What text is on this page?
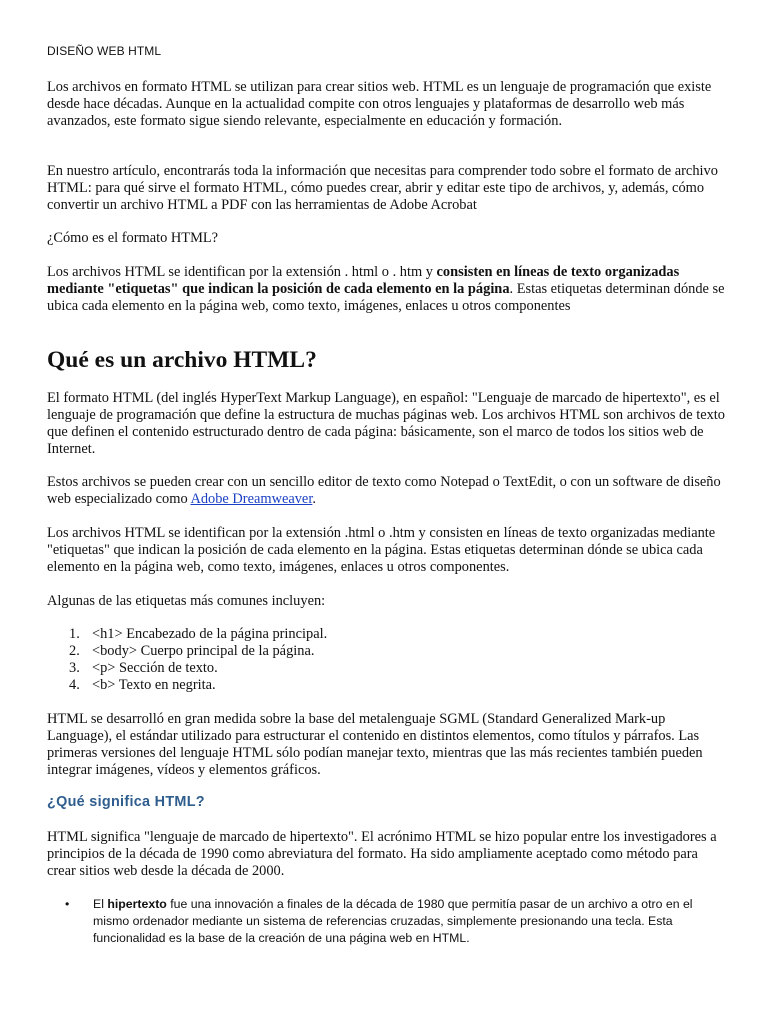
DISEÑO WEB HTML

Los archivos en formato HTML se utilizan para crear sitios web. HTML es un lenguaje de programación que existe desde hace décadas. Aunque en la actualidad compite con otros lenguajes y plataformas de desarrollo web más avanzados, este formato sigue siendo relevante, especialmente en educación y formación.

En nuestro artículo, encontrarás toda la información que necesitas para comprender todo sobre el formato de archivo HTML: para qué sirve el formato HTML, cómo puedes crear, abrir y editar este tipo de archivos, y, además, cómo convertir un archivo HTML a PDF con las herramientas de Adobe Acrobat

¿Cómo es el formato HTML?

Los archivos HTML se identifican por la extensión . html o . htm y consisten en líneas de texto organizadas mediante "etiquetas" que indican la posición de cada elemento en la página. Estas etiquetas determinan dónde se ubica cada elemento en la página web, como texto, imágenes, enlaces u otros componentes

Qué es un archivo HTML?

El formato HTML (del inglés HyperText Markup Language), en español: "Lenguaje de marcado de hipertexto", es el lenguaje de programación que define la estructura de muchas páginas web. Los archivos HTML son archivos de texto que definen el contenido estructurado dentro de cada página: básicamente, son el marco de todos los sitios web de Internet.

Estos archivos se pueden crear con un sencillo editor de texto como Notepad o TextEdit, o con un software de diseño web especializado como Adobe Dreamweaver.

Los archivos HTML se identifican por la extensión .html o .htm y consisten en líneas de texto organizadas mediante "etiquetas" que indican la posición de cada elemento en la página. Estas etiquetas determinan dónde se ubica cada elemento en la página web, como texto, imágenes, enlaces u otros componentes.

Algunas de las etiquetas más comunes incluyen:

1. <h1> Encabezado de la página principal.
2. <body> Cuerpo principal de la página.
3. <p> Sección de texto.
4. <b> Texto en negrita.

HTML se desarrolló en gran medida sobre la base del metalenguaje SGML (Standard Generalized Mark-up Language), el estándar utilizado para estructurar el contenido en distintos elementos, como títulos y párrafos. Las primeras versiones del lenguaje HTML sólo podían manejar texto, mientras que las más recientes también pueden integrar imágenes, vídeos y elementos gráficos.

¿Qué significa HTML?

HTML significa "lenguaje de marcado de hipertexto". El acrónimo HTML se hizo popular entre los investigadores a principios de la década de 1990 como abreviatura del formato. Ha sido ampliamente aceptado como método para crear sitios web desde la década de 2000.

• El hipertexto fue una innovación a finales de la década de 1980 que permitía pasar de un archivo a otro en el mismo ordenador mediante un sistema de referencias cruzadas, simplemente presionando una tecla. Esta funcionalidad es la base de la creación de una página web en HTML.
